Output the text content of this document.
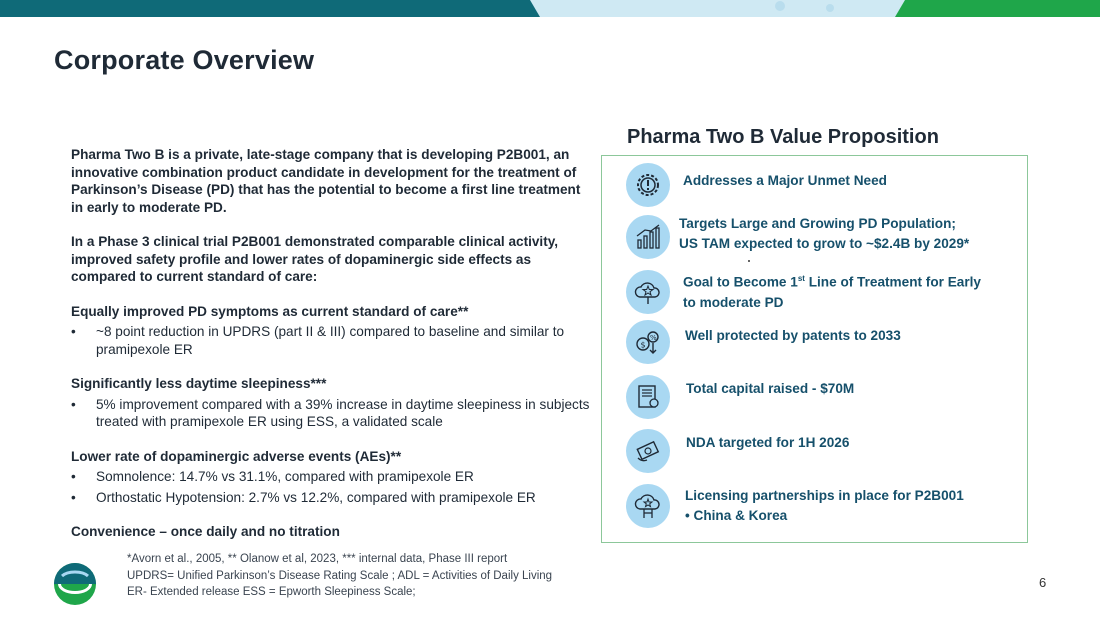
Corporate Overview

Pharma Two B is a private, late-stage company that is developing P2B001, an innovative combination product candidate in development for the treatment of Parkinson’s Disease (PD) that has the potential to become a first line treatment in early to moderate PD.

In a Phase 3 clinical trial P2B001 demonstrated comparable clinical activity, improved safety profile and lower rates of dopaminergic side effects as compared to current standard of care:

Equally improved PD symptoms as current standard of care**

•	~8 point reduction in UPDRS (part II & III) compared to baseline and similar to pramipexole ER

Significantly less daytime sleepiness***

•	5% improvement compared with a 39% increase in daytime sleepiness in subjects treated with pramipexole ER using ESS, a validated scale

Lower rate of dopaminergic adverse events (AEs)**

•	Somnolence: 14.7% vs 31.1%, compared with pramipexole ER
•	Orthostatic Hypotension: 2.7% vs 12.2%, compared with pramipexole ER

Convenience – once daily and no titration

Pharma Two B Value Proposition
Addresses a Major Unmet Need
Targets Large and Growing PD Population;
US TAM expected to grow to ~$2.4B by 2029*
Goal to Become 1st Line of Treatment for Early
to moderate PD
$
% Well protected by patents to 2033
Total capital raised - $70M
NDA targeted for 1H 2026
Licensing partnerships in place for P2B001
• China & Korea
*Avorn et al., 2005, ** Olanow et al, 2023, *** internal data, Phase III report
UPDRS= Unified Parkinson’s Disease Rating Scale ; ADL = Activities of Daily Living
ER- Extended release ESS = Epworth Sleepiness Scale;
6
